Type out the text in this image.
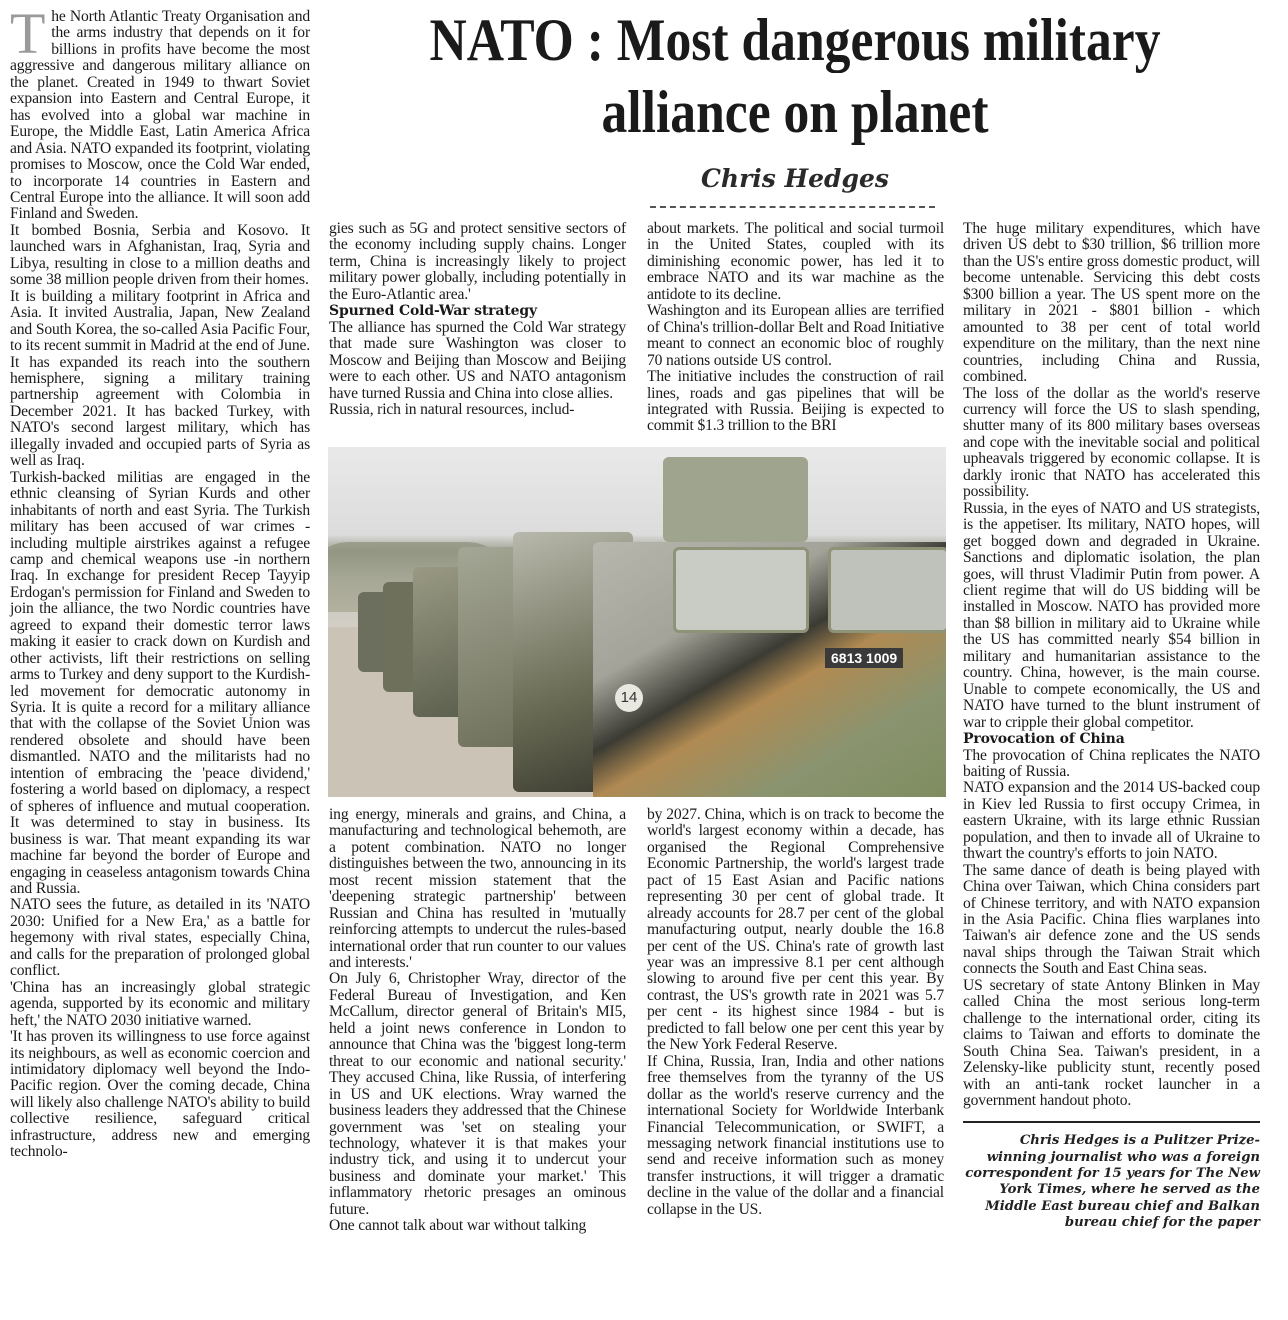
NATO : Most dangerous military
alliance on planet
Chris Hedges

The North Atlantic Treaty Organisation and the arms industry that depends on it for billions in profits have become the most aggressive and dangerous military alliance on the planet. Created in 1949 to thwart Soviet expansion into Eastern and Central Europe, it has evolved into a global war machine in Europe, the Middle East, Latin America Africa and Asia. NATO expanded its footprint, violating promises to Moscow, once the Cold War ended, to incorporate 14 countries in Eastern and Central Europe into the alliance. It will soon add Finland and Sweden.

It bombed Bosnia, Serbia and Kosovo. It launched wars in Afghanistan, Iraq, Syria and Libya, resulting in close to a million deaths and some 38 million people driven from their homes.

It is building a military footprint in Africa and Asia. It invited Australia, Japan, New Zealand and South Korea, the so-called Asia Pacific Four, to its recent summit in Madrid at the end of June. It has expanded its reach into the southern hemisphere, signing a military training partnership agreement with Colombia in December 2021. It has backed Turkey, with NATO's second largest military, which has illegally invaded and occupied parts of Syria as well as Iraq.

Turkish-backed militias are engaged in the ethnic cleansing of Syrian Kurds and other inhabitants of north and east Syria. The Turkish military has been accused of war crimes - including multiple airstrikes against a refugee camp and chemical weapons use -in northern Iraq. In exchange for president Recep Tayyip Erdogan's permission for Finland and Sweden to join the alliance, the two Nordic countries have agreed to expand their domestic terror laws making it easier to crack down on Kurdish and other activists, lift their restrictions on selling arms to Turkey and deny support to the Kurdish-led movement for democratic autonomy in Syria. It is quite a record for a military alliance that with the collapse of the Soviet Union was rendered obsolete and should have been dismantled. NATO and the militarists had no intention of embracing the 'peace dividend,' fostering a world based on diplomacy, a respect of spheres of influence and mutual cooperation. It was determined to stay in business. Its business is war. That meant expanding its war machine far beyond the border of Europe and engaging in ceaseless antagonism towards China and Russia.

NATO sees the future, as detailed in its 'NATO 2030: Unified for a New Era,' as a battle for hegemony with rival states, especially China, and calls for the preparation of prolonged global conflict.

'China has an increasingly global strategic agenda, supported by its economic and military heft,' the NATO 2030 initiative warned.

'It has proven its willingness to use force against its neighbours, as well as economic coercion and intimidatory diplomacy well beyond the Indo-Pacific region. Over the coming decade, China will likely also challenge NATO's ability to build collective resilience, safeguard critical infrastructure, address new and emerging technolo-

gies such as 5G and protect sensitive sectors of the economy including supply chains. Longer term, China is increasingly likely to project military power globally, including potentially in the Euro-Atlantic area.'

Spurned Cold-War strategy

The alliance has spurned the Cold War strategy that made sure Washington was closer to Moscow and Beijing than Moscow and Beijing were to each other. US and NATO antagonism have turned Russia and China into close allies.

Russia, rich in natural resources, includ-

about markets. The political and social turmoil in the United States, coupled with its diminishing economic power, has led it to embrace NATO and its war machine as the antidote to its decline.

Washington and its European allies are terrified of China's trillion-dollar Belt and Road Initiative meant to connect an economic bloc of roughly 70 nations outside US control.

The initiative includes the construction of rail lines, roads and gas pipelines that will be integrated with Russia. Beijing is expected to commit $1.3 trillion to the BRI

6813 1009
14

ing energy, minerals and grains, and China, a manufacturing and technological behemoth, are a potent combination. NATO no longer distinguishes between the two, announcing in its most recent mission statement that the 'deepening strategic partnership' between Russian and China has resulted in 'mutually reinforcing attempts to undercut the rules-based international order that run counter to our values and interests.'

On July 6, Christopher Wray, director of the Federal Bureau of Investigation, and Ken McCallum, director general of Britain's MI5, held a joint news conference in London to announce that China was the 'biggest long-term threat to our economic and national security.' They accused China, like Russia, of interfering in US and UK elections. Wray warned the business leaders they addressed that the Chinese government was 'set on stealing your technology, whatever it is that makes your industry tick, and using it to undercut your business and dominate your market.' This inflammatory rhetoric presages an ominous future.

One cannot talk about war without talking

by 2027. China, which is on track to become the world's largest economy within a decade, has organised the Regional Comprehensive Economic Partnership, the world's largest trade pact of 15 East Asian and Pacific nations representing 30 per cent of global trade. It already accounts for 28.7 per cent of the global manufacturing output, nearly double the 16.8 per cent of the US. China's rate of growth last year was an impressive 8.1 per cent although slowing to around five per cent this year. By contrast, the US's growth rate in 2021 was 5.7 per cent - its highest since 1984 - but is predicted to fall below one per cent this year by the New York Federal Reserve.

If China, Russia, Iran, India and other nations free themselves from the tyranny of the US dollar as the world's reserve currency and the international Society for Worldwide Interbank Financial Telecommunication, or SWIFT, a messaging network financial institutions use to send and receive information such as money transfer instructions, it will trigger a dramatic decline in the value of the dollar and a financial collapse in the US.

The huge military expenditures, which have driven US debt to $30 trillion, $6 trillion more than the US's entire gross domestic product, will become untenable. Servicing this debt costs $300 billion a year. The US spent more on the military in 2021 - $801 billion - which amounted to 38 per cent of total world expenditure on the military, than the next nine countries, including China and Russia, combined.

The loss of the dollar as the world's reserve currency will force the US to slash spending, shutter many of its 800 military bases overseas and cope with the inevitable social and political upheavals triggered by economic collapse. It is darkly ironic that NATO has accelerated this possibility.

Russia, in the eyes of NATO and US strategists, is the appetiser. Its military, NATO hopes, will get bogged down and degraded in Ukraine. Sanctions and diplomatic isolation, the plan goes, will thrust Vladimir Putin from power. A client regime that will do US bidding will be installed in Moscow. NATO has provided more than $8 billion in military aid to Ukraine while the US has committed nearly $54 billion in military and humanitarian assistance to the country. China, however, is the main course. Unable to compete economically, the US and NATO have turned to the blunt instrument of war to cripple their global competitor.

Provocation of China

The provocation of China replicates the NATO baiting of Russia.

NATO expansion and the 2014 US-backed coup in Kiev led Russia to first occupy Crimea, in eastern Ukraine, with its large ethnic Russian population, and then to invade all of Ukraine to thwart the country's efforts to join NATO.

The same dance of death is being played with China over Taiwan, which China considers part of Chinese territory, and with NATO expansion in the Asia Pacific. China flies warplanes into Taiwan's air defence zone and the US sends naval ships through the Taiwan Strait which connects the South and East China seas.

US secretary of state Antony Blinken in May called China the most serious long-term challenge to the international order, citing its claims to Taiwan and efforts to dominate the South China Sea. Taiwan's president, in a Zelensky-like publicity stunt, recently posed with an anti-tank rocket launcher in a government handout photo.

Chris Hedges is a Pulitzer Prize-winning journalist who was a foreign correspondent for 15 years for The New York Times, where he served as the Middle East bureau chief and Balkan bureau chief for the paper
